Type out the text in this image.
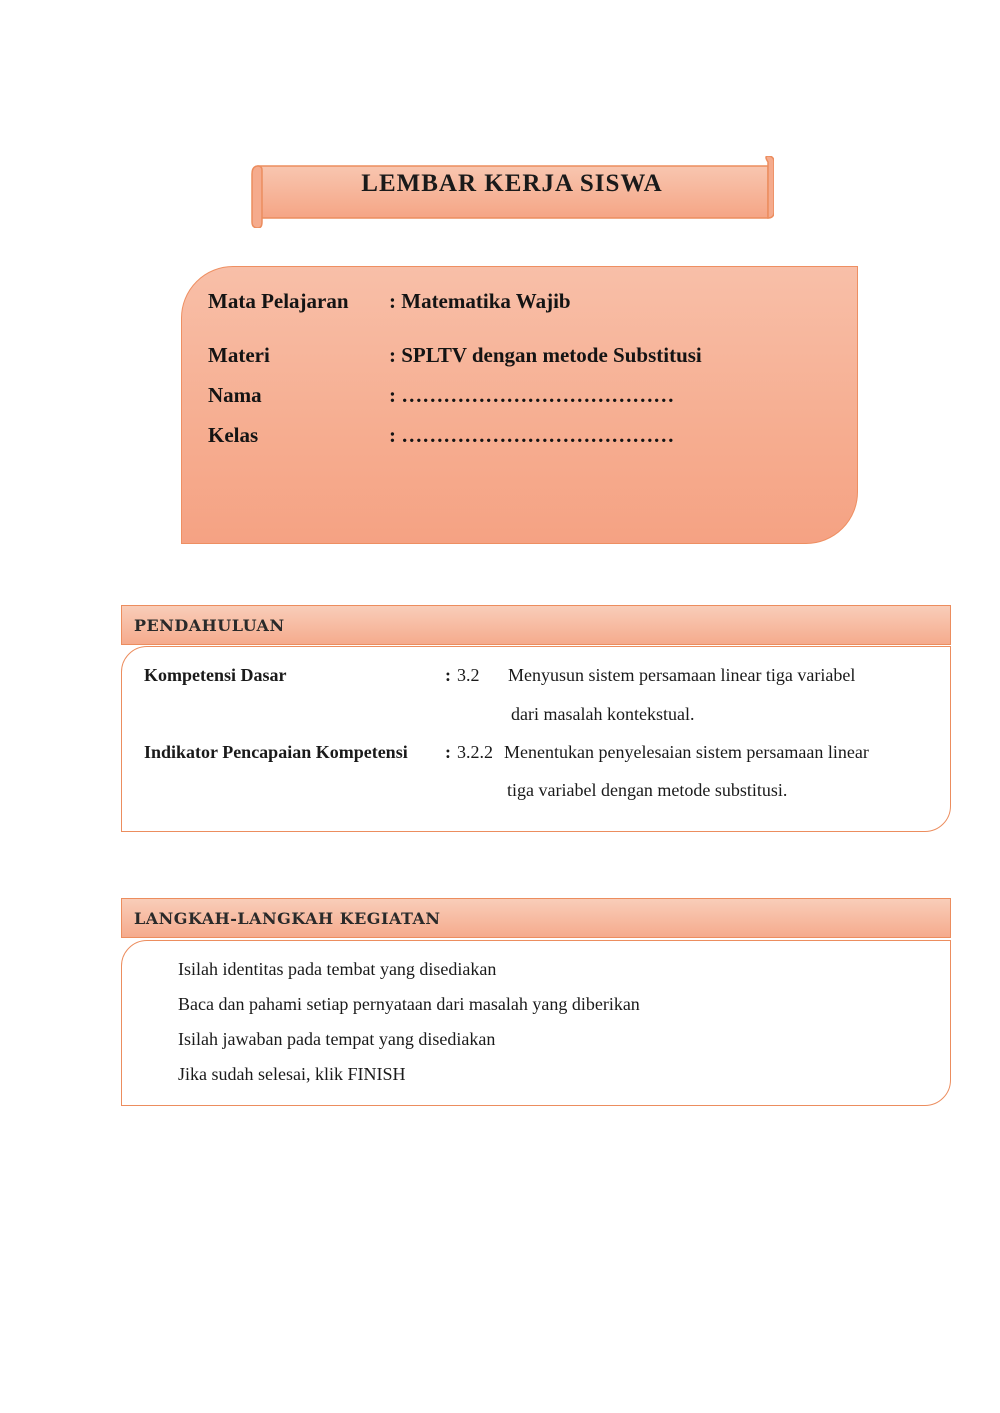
LEMBAR KERJA SISWA
Mata Pelajaran : Matematika Wajib
Materi	: SPLTV dengan metode Substitusi
Nama	: …………………………………
Kelas	: …………………………………
PENDAHULUAN
Kompetensi Dasar	: 3.2 Menyusun sistem persamaan linear tiga variabel
dari masalah kontekstual.
Indikator Pencapaian Kompetensi : 3.2.2 Menentukan penyelesaian sistem persamaan linear
tiga variabel dengan metode substitusi.
LANGKAH-LANGKAH KEGIATAN
Isilah identitas pada tembat yang disediakan
Baca dan pahami setiap pernyataan dari masalah yang diberikan
Isilah jawaban pada tempat yang disediakan
Jika sudah selesai, klik FINISH
